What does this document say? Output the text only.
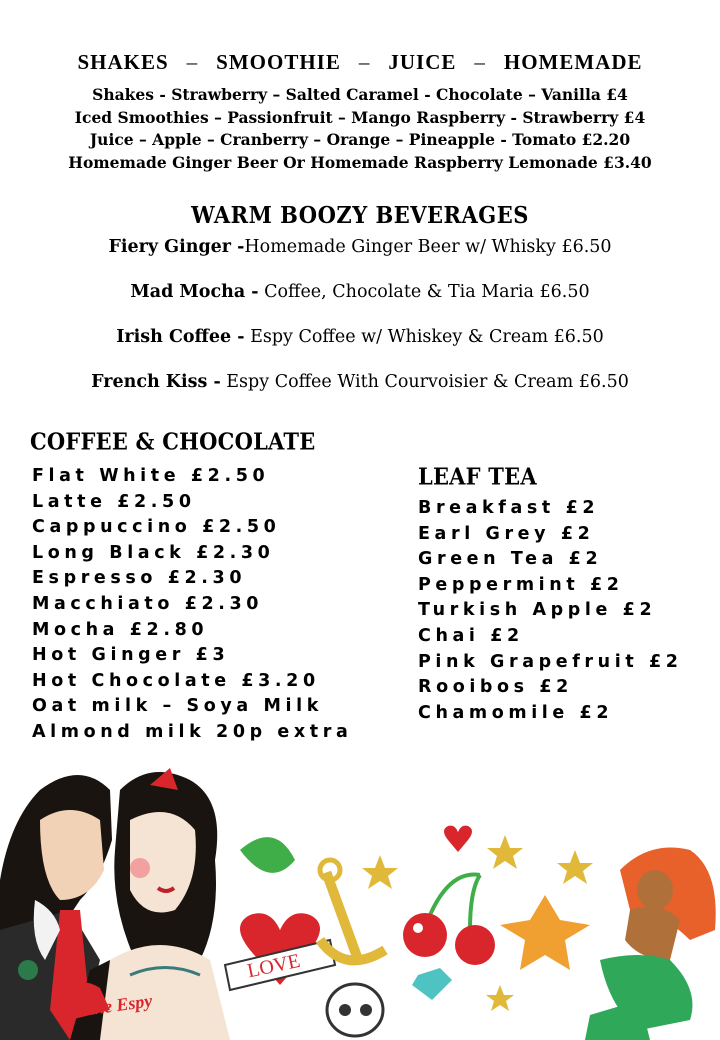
SHAKES – SMOOTHIE – JUICE – HOMEMADE
Shakes - Strawberry – Salted Caramel - Chocolate – Vanilla £4
Iced Smoothies – Passionfruit – Mango Raspberry - Strawberry £4
Juice – Apple – Cranberry – Orange – Pineapple - Tomato £2.20
Homemade Ginger Beer Or Homemade Raspberry Lemonade £3.40
WARM BOOZY BEVERAGES
Fiery Ginger -Homemade Ginger Beer w/ Whisky £6.50
Mad Mocha - Coffee, Chocolate & Tia Maria £6.50
Irish Coffee - Espy Coffee w/ Whiskey & Cream £6.50
French Kiss - Espy Coffee With Courvoisier & Cream £6.50
COFFEE & CHOCOLATE
Flat White £2.50
Latte £2.50
Cappuccino £2.50
Long Black £2.30
Espresso £2.30
Macchiato £2.30
Mocha £2.80
Hot Ginger £3
Hot Chocolate £3.20
Oat milk – Soya Milk
Almond milk 20p extra
LEAF TEA
Breakfast £2
Earl Grey £2
Green Tea £2
Peppermint £2
Turkish Apple £2
Chai £2
Pink Grapefruit £2
Rooibos £2
Chamomile £2
LOVE
the Espy
